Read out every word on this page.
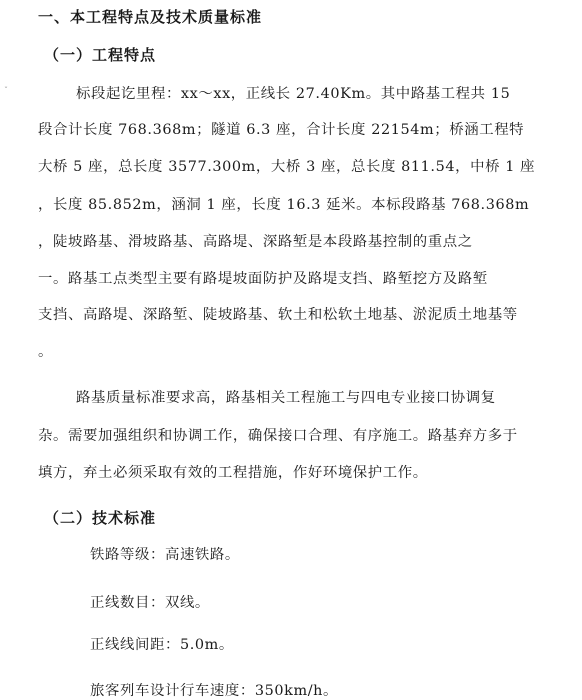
ˇ
一、本工程特点及技术质量标准
（一）工程特点
标段起讫里程：xx～xx，正线长 27.40Km。其中路基工程共 15
段合计长度 768.368m；隧道 6.3 座，合计长度 22154m；桥涵工程特
大桥 5 座，总长度 3577.300m，大桥 3 座，总长度 811.54，中桥 1 座
，长度 85.852m，涵洞 1 座，长度 16.3 延米。本标段路基 768.368m
，陡坡路基、滑坡路基、高路堤、深路堑是本段路基控制的重点之
一。路基工点类型主要有路堤坡面防护及路堤支挡、路堑挖方及路堑
支挡、高路堤、深路堑、陡坡路基、软土和松软土地基、淤泥质土地基等
。
路基质量标准要求高，路基相关工程施工与四电专业接口协调复
杂。需要加强组织和协调工作，确保接口合理、有序施工。路基弃方多于
填方，弃土必须采取有效的工程措施，作好环境保护工作。
（二）技术标准
铁路等级：高速铁路。
正线数目：双线。
正线线间距：5.0m。
旅客列车设计行车速度：350km/h。
